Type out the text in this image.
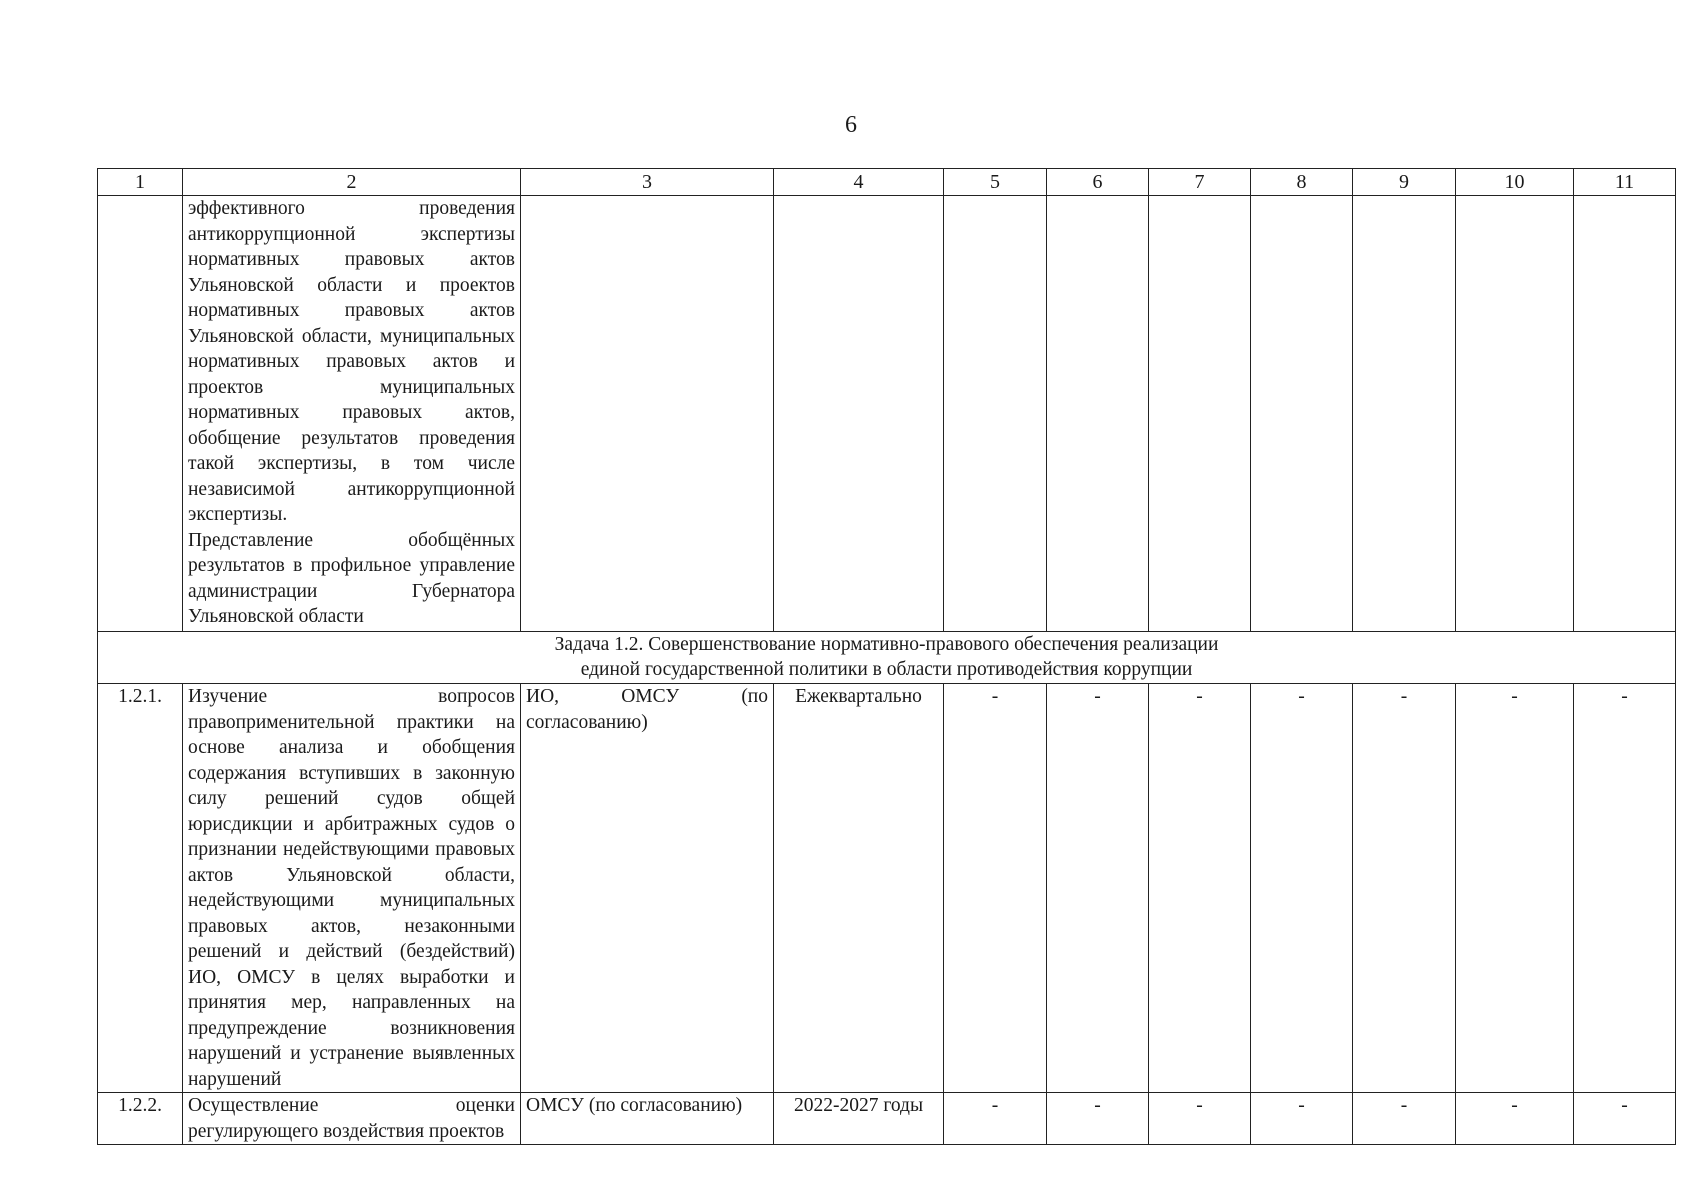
6
1	2	3	4	5	6	7	8	9	10	11

	эффективного проведения антикоррупционной экспертизы нормативных правовых актов Ульяновской области и проектов нормативных правовых актов Ульяновской области, муниципальных нормативных правовых актов и проектов муниципальных нормативных правовых актов, обобщение результатов проведения такой экспертизы, в том числе независимой антикоррупционной экспертизы.
Представление обобщённых результатов в профильное управление администрации Губернатора Ульяновской области									

Задача 1.2. Совершенствование нормативно-правового обеспечения реализации
единой государственной политики в области противодействия коррупции										

1.2.1.	Изучение вопросов правоприменительной практики на основе анализа и обобщения содержания вступивших в законную силу решений судов общей юрисдикции и арбитражных судов о признании недействующими правовых актов Ульяновской области, недействующими муниципальных правовых актов, незаконными решений и действий (бездействий) ИО, ОМСУ в целях выработки и принятия мер, направленных на предупреждение возникновения нарушений и устранение выявленных нарушений	ИО, ОМСУ (по согласованию)	Ежеквартально	-	-	-	-	-	-	-
1.2.2.	Осуществление оценки регулирующего воздействия проектов	ОМСУ (по согласованию)	2022-2027 годы	-	-	-	-	-	-	-
